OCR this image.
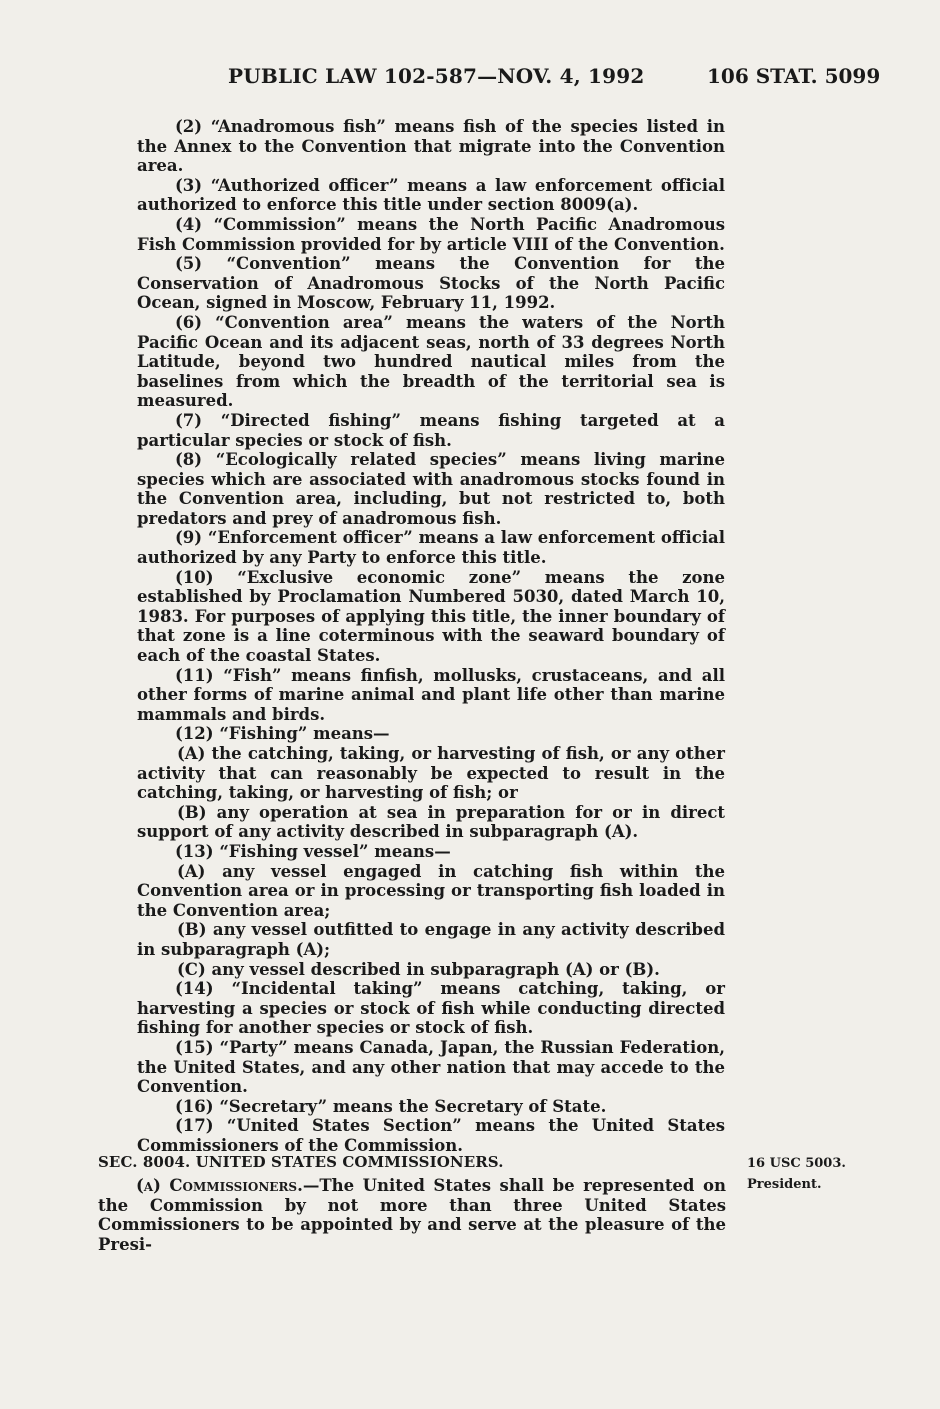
PUBLIC LAW 102-587—NOV. 4, 1992	106 STAT. 5099

(2) “Anadromous fish” means fish of the species listed in the Annex to the Convention that migrate into the Convention area.

(3) “Authorized officer” means a law enforcement official authorized to enforce this title under section 8009(a).

(4) “Commission” means the North Pacific Anadromous Fish Commission provided for by article VIII of the Convention.

(5) “Convention” means the Convention for the Conservation of Anadromous Stocks of the North Pacific Ocean, signed in Moscow, February 11, 1992.

(6) “Convention area” means the waters of the North Pacific Ocean and its adjacent seas, north of 33 degrees North Latitude, beyond two hundred nautical miles from the baselines from which the breadth of the territorial sea is measured.

(7) “Directed fishing” means fishing targeted at a particular species or stock of fish.

(8) “Ecologically related species” means living marine species which are associated with anadromous stocks found in the Convention area, including, but not restricted to, both predators and prey of anadromous fish.

(9) “Enforcement officer” means a law enforcement official authorized by any Party to enforce this title.

(10) “Exclusive economic zone” means the zone established by Proclamation Numbered 5030, dated March 10, 1983. For purposes of applying this title, the inner boundary of that zone is a line coterminous with the seaward boundary of each of the coastal States.

(11) “Fish” means finfish, mollusks, crustaceans, and all other forms of marine animal and plant life other than marine mammals and birds.

(12) “Fishing” means—

(A) the catching, taking, or harvesting of fish, or any other activity that can reasonably be expected to result in the catching, taking, or harvesting of fish; or

(B) any operation at sea in preparation for or in direct support of any activity described in subparagraph (A).

(13) “Fishing vessel” means—

(A) any vessel engaged in catching fish within the Convention area or in processing or transporting fish loaded in the Convention area;

(B) any vessel outfitted to engage in any activity described in subparagraph (A);

(C) any vessel described in subparagraph (A) or (B).

(14) “Incidental taking” means catching, taking, or harvesting a species or stock of fish while conducting directed fishing for another species or stock of fish.

(15) “Party” means Canada, Japan, the Russian Federation, the United States, and any other nation that may accede to the Convention.

(16) “Secretary” means the Secretary of State.

(17) “United States Section” means the United States Commissioners of the Commission.

SEC. 8004. UNITED STATES COMMISSIONERS.

(a) Commissioners.—The United States shall be represented on the Commission by not more than three United States Commissioners to be appointed by and serve at the pleasure of the Presi-

16 USC 5003.
President.
